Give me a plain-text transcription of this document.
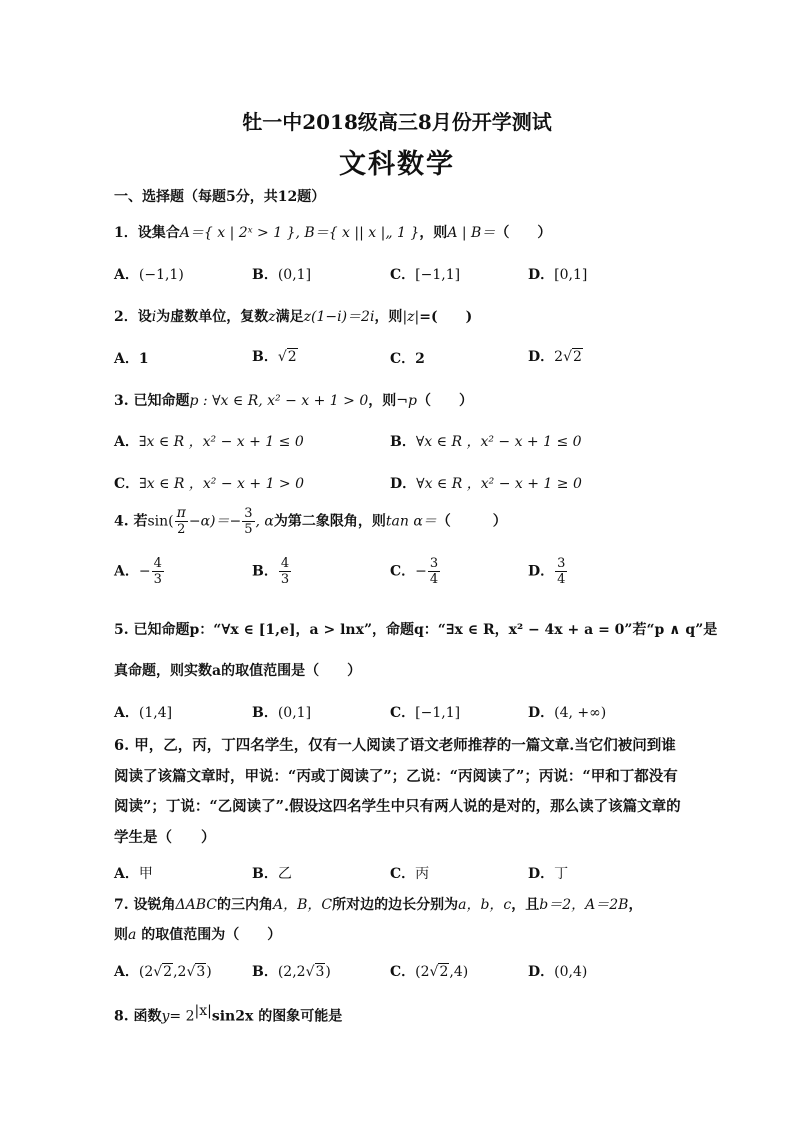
牡一中2018级高三8月份开学测试
文科数学
一、选择题（每题5分，共12题）
1．设集合A＝{ x | 2ˣ > 1 }, B＝{ x || x |„ 1 }，则A | B＝（　　）
A．(−1,1)	B．(0,1]	C．[−1,1]	D．[0,1]
2．设i为虚数单位，复数z满足z(1−i)＝2i，则|z|=(　　)
A．1	B．√2	C．2	D．2√2
3. 已知命题p : ∀x ∈ R, x² − x + 1 > 0，则¬p（　　）
A．∃x ∈ R ，x² − x + 1 ≤ 0	B．∀x ∈ R ，x² − x + 1 ≤ 0
C．∃x ∈ R ，x² − x + 1 > 0	D．∀x ∈ R ，x² − x + 1 ≥ 0
4. 若$\sin( \frac{\pi}{2} -\alpha)=- \frac{3}{5}$ , α为第二象限角，则tan α＝（　　　）
A．− $\frac{4}{3}$	B． $\frac{4}{3}$	C．− $\frac{3}{4}$	D． $\frac{3}{4}$
5. 已知命题p：“∀x ∈ [1,e]，a > lnx”，命题q：“∃x ∈ R，x² − 4x + a = 0”若“p ∧ q”是
真命题，则实数a的取值范围是（　　）
A．(1,4]	B．(0,1]	C．[−1,1]	D．(4, +∞)
6. 甲，乙，丙，丁四名学生，仅有一人阅读了语文老师推荐的一篇文章.当它们被问到谁阅读了该篇文章时，甲说：“丙或丁阅读了”；乙说：“丙阅读了”；丙说：“甲和丁都没有阅读”；丁说：“乙阅读了”.假设这四名学生中只有两人说的是对的，那么读了该篇文章的学生是（　　）
A．甲	B．乙	C．丙	D．丁
7. 设锐角ΔABC的三内角A，B，C所对边的边长分别为a，b，c，且b＝2，A＝2B，
则a 的取值范围为（　　）
A．(2√2,2√3)	B．(2,2√3)	C．(2√2,4)	D．(0,4)
8. 函数$y= 2^{|x|}\sin 2x$ 的图象可能是
